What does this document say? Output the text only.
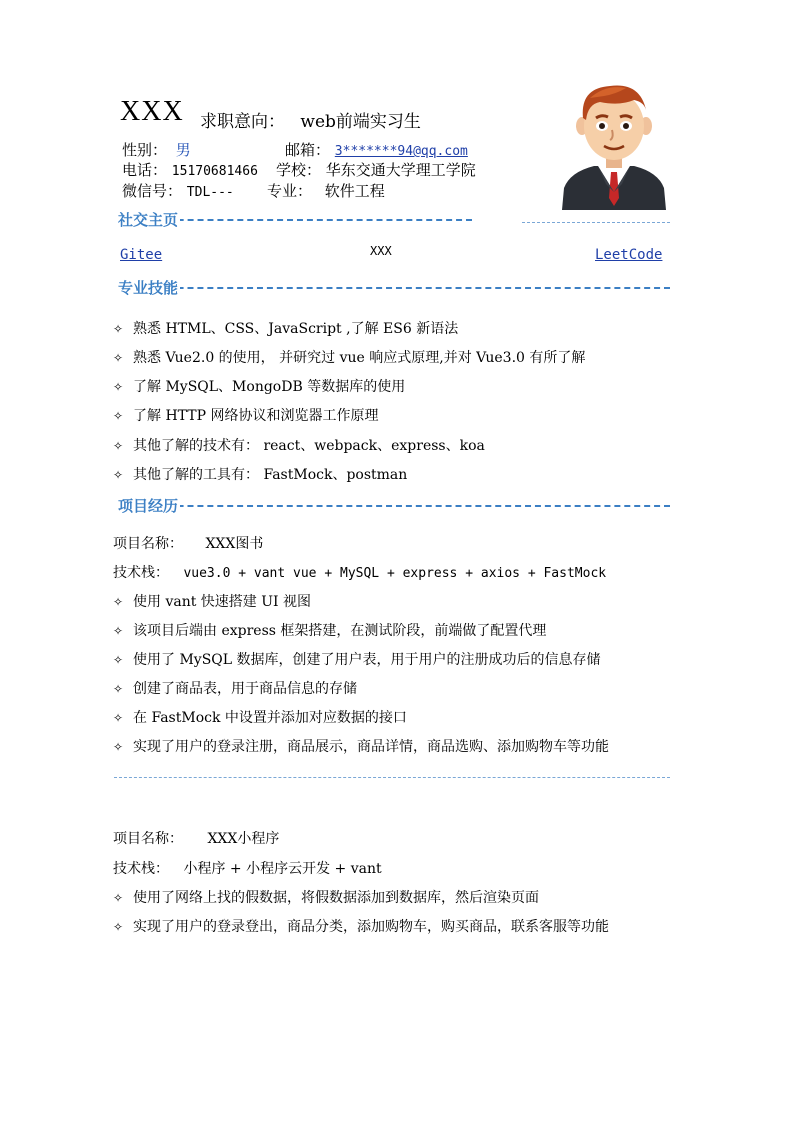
XXX 求职意向： web前端实习生
性别： 男	邮箱： 3*******94@qq.com
电话： 15170681466 学校： 华东交通大学理工学院
微信号： TDL--- 专业： 软件工程
社交主页
Gitee	XXX	LeetCode
专业技能
✧ 熟悉 HTML、CSS、JavaScript ,了解 ES6 新语法
✧ 熟悉 Vue2.0 的使用， 并研究过 vue 响应式原理,并对 Vue3.0 有所了解
✧ 了解 MySQL、MongoDB 等数据库的使用
✧ 了解 HTTP 网络协议和浏览器工作原理
✧ 其他了解的技术有： react、webpack、express、koa
✧ 其他了解的工具有： FastMock、postman
项目经历
项目名称： XXX图书
技术栈： vue3.0 + vant vue + MySQL + express + axios + FastMock
✧ 使用 vant 快速搭建 UI 视图
✧ 该项目后端由 express 框架搭建，在测试阶段，前端做了配置代理
✧ 使用了 MySQL 数据库，创建了用户表，用于用户的注册成功后的信息存储
✧ 创建了商品表，用于商品信息的存储
✧ 在 FastMock 中设置并添加对应数据的接口
✧ 实现了用户的登录注册，商品展示，商品详情，商品选购、添加购物车等功能
项目名称： XXX小程序
技术栈： 小程序 + 小程序云开发 + vant
✧ 使用了网络上找的假数据，将假数据添加到数据库，然后渲染页面
✧ 实现了用户的登录登出，商品分类，添加购物车，购买商品，联系客服等功能
